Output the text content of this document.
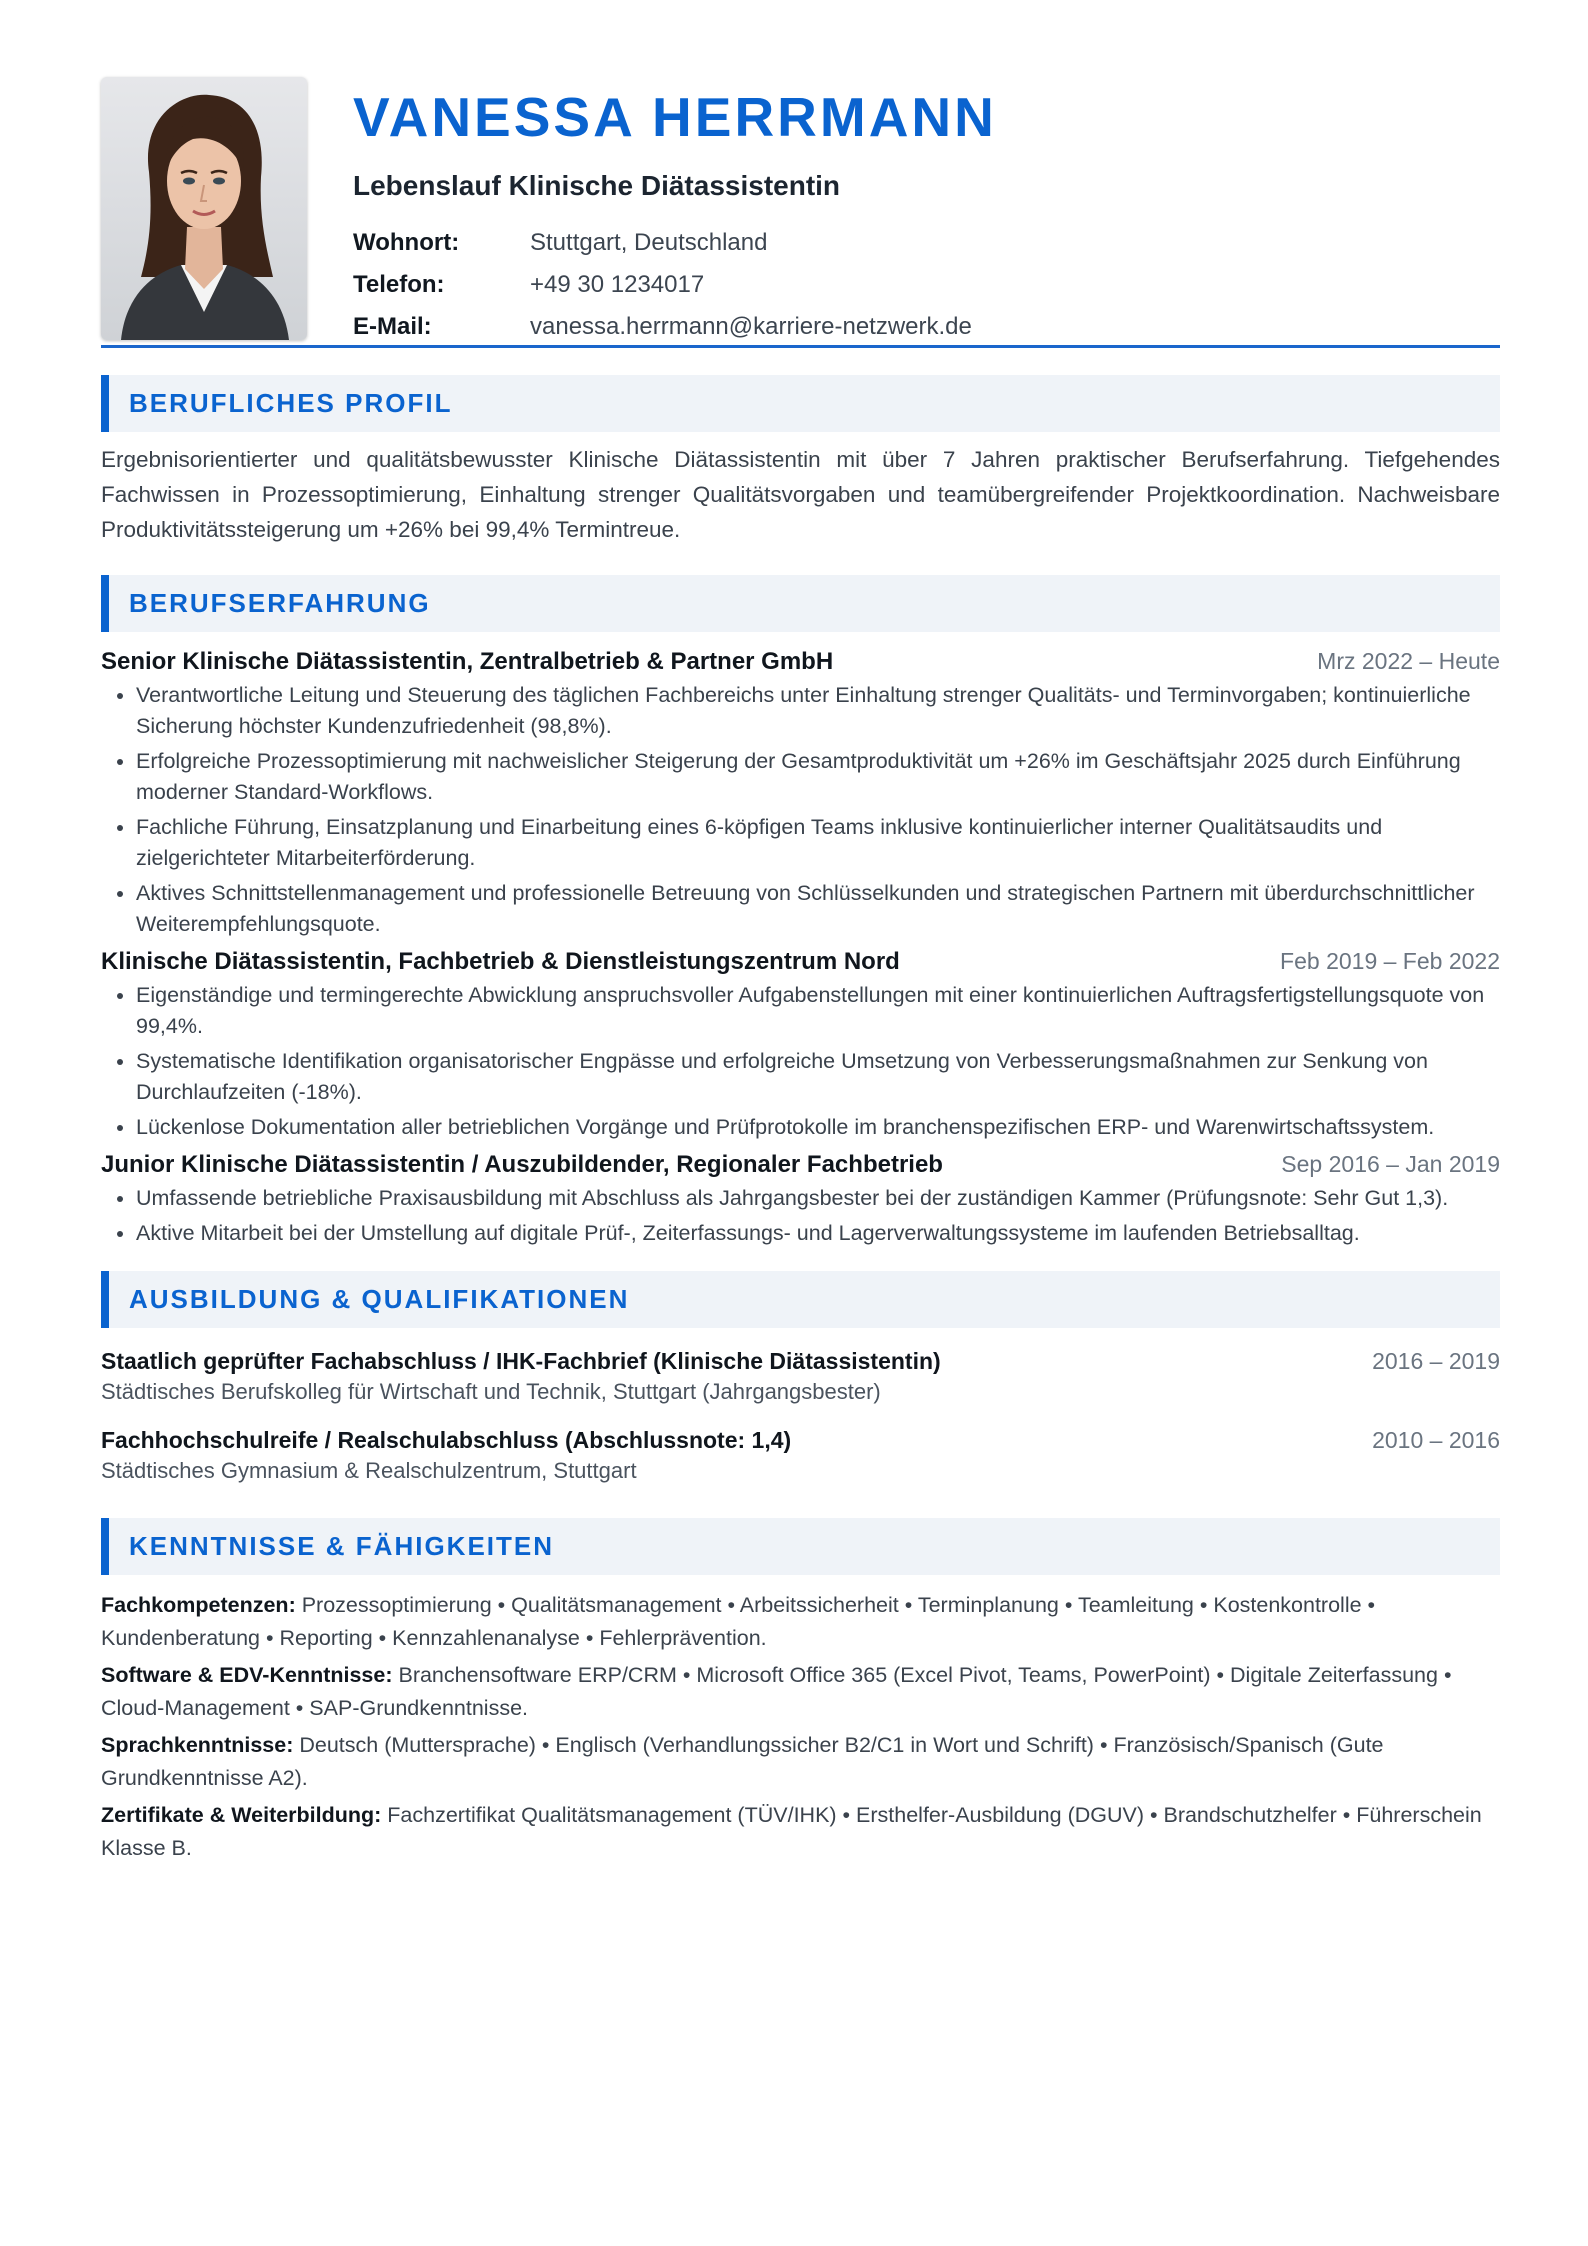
VANESSA HERRMANN
Lebenslauf Klinische Diätassistentin
Wohnort:	Stuttgart, Deutschland
Telefon:	+49 30 1234017
E-Mail:	vanessa.herrmann@karriere-netzwerk.de
BERUFLICHES PROFIL
Ergebnisorientierter und qualitätsbewusster Klinische Diätassistentin mit über 7 Jahren praktischer Berufserfahrung. Tiefgehendes Fachwissen in Prozessoptimierung, Einhaltung strenger Qualitätsvorgaben und teamübergreifender Projektkoordination. Nachweisbare Produktivitätssteigerung um +26% bei 99,4% Termintreue.
BERUFSERFAHRUNG
Senior Klinische Diätassistentin, Zentralbetrieb & Partner GmbH	Mrz 2022 – Heute
• Verantwortliche Leitung und Steuerung des täglichen Fachbereichs unter Einhaltung strenger Qualitäts- und Terminvorgaben; kontinuierliche Sicherung höchster Kundenzufriedenheit (98,8%).
• Erfolgreiche Prozessoptimierung mit nachweislicher Steigerung der Gesamtproduktivität um +26% im Geschäftsjahr 2025 durch Einführung moderner Standard-Workflows.
• Fachliche Führung, Einsatzplanung und Einarbeitung eines 6-köpfigen Teams inklusive kontinuierlicher interner Qualitätsaudits und zielgerichteter Mitarbeiterförderung.
• Aktives Schnittstellenmanagement und professionelle Betreuung von Schlüsselkunden und strategischen Partnern mit überdurchschnittlicher Weiterempfehlungsquote.
Klinische Diätassistentin, Fachbetrieb & Dienstleistungszentrum Nord	Feb 2019 – Feb 2022
• Eigenständige und termingerechte Abwicklung anspruchsvoller Aufgabenstellungen mit einer kontinuierlichen Auftragsfertigstellungsquote von 99,4%.
• Systematische Identifikation organisatorischer Engpässe und erfolgreiche Umsetzung von Verbesserungsmaßnahmen zur Senkung von Durchlaufzeiten (-18%).
• Lückenlose Dokumentation aller betrieblichen Vorgänge und Prüfprotokolle im branchenspezifischen ERP- und Warenwirtschaftssystem.
Junior Klinische Diätassistentin / Auszubildender, Regionaler Fachbetrieb	Sep 2016 – Jan 2019
• Umfassende betriebliche Praxisausbildung mit Abschluss als Jahrgangsbester bei der zuständigen Kammer (Prüfungsnote: Sehr Gut 1,3).
• Aktive Mitarbeit bei der Umstellung auf digitale Prüf-, Zeiterfassungs- und Lagerverwaltungssysteme im laufenden Betriebsalltag.
AUSBILDUNG & QUALIFIKATIONEN
Staatlich geprüfter Fachabschluss / IHK-Fachbrief (Klinische Diätassistentin)	2016 – 2019
Städtisches Berufskolleg für Wirtschaft und Technik, Stuttgart (Jahrgangsbester)
Fachhochschulreife / Realschulabschluss (Abschlussnote: 1,4)	2010 – 2016
Städtisches Gymnasium & Realschulzentrum, Stuttgart
KENNTNISSE & FÄHIGKEITEN
Fachkompetenzen: Prozessoptimierung • Qualitätsmanagement • Arbeitssicherheit • Terminplanung • Teamleitung • Kostenkontrolle • Kundenberatung • Reporting • Kennzahlenanalyse • Fehlerprävention.
Software & EDV-Kenntnisse: Branchensoftware ERP/CRM • Microsoft Office 365 (Excel Pivot, Teams, PowerPoint) • Digitale Zeiterfassung • Cloud-Management • SAP-Grundkenntnisse.
Sprachkenntnisse: Deutsch (Muttersprache) • Englisch (Verhandlungssicher B2/C1 in Wort und Schrift) • Französisch/Spanisch (Gute Grundkenntnisse A2).
Zertifikate & Weiterbildung: Fachzertifikat Qualitätsmanagement (TÜV/IHK) • Ersthelfer-Ausbildung (DGUV) • Brandschutzhelfer • Führerschein Klasse B.
